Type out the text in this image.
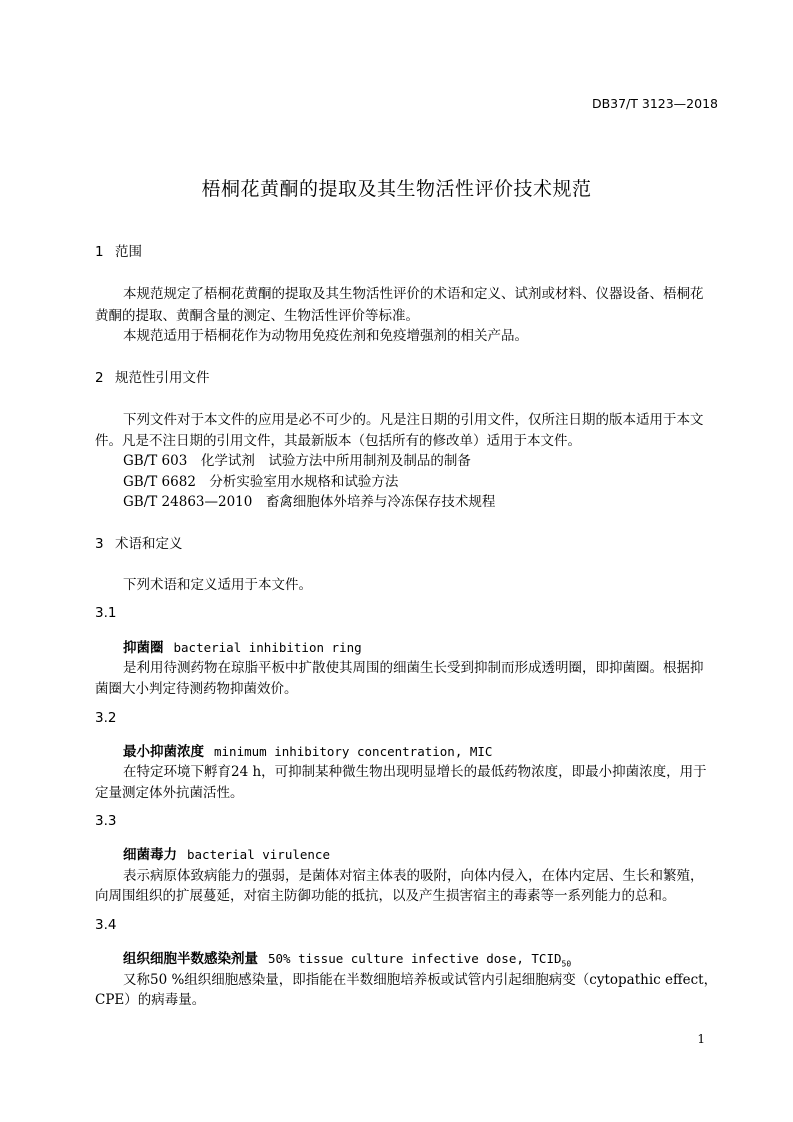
DB37/T 3123—2018

梧桐花黄酮的提取及其生物活性评价技术规范

1 范围

本规范规定了梧桐花黄酮的提取及其生物活性评价的术语和定义、试剂或材料、仪器设备、梧桐花

黄酮的提取、黄酮含量的测定、生物活性评价等标准。

本规范适用于梧桐花作为动物用免疫佐剂和免疫增强剂的相关产品。

2 规范性引用文件

下列文件对于本文件的应用是必不可少的。凡是注日期的引用文件，仅所注日期的版本适用于本文

件。凡是不注日期的引用文件，其最新版本（包括所有的修改单）适用于本文件。

GB/T 603　化学试剂　试验方法中所用制剂及制品的制备

GB/T 6682　分析实验室用水规格和试验方法

GB/T 24863—2010　畜禽细胞体外培养与冷冻保存技术规程

3 术语和定义

下列术语和定义适用于本文件。

3.1

抑菌圈 bacterial inhibition ring

是利用待测药物在琼脂平板中扩散使其周围的细菌生长受到抑制而形成透明圈，即抑菌圈。根据抑

菌圈大小判定待测药物抑菌效价。

3.2

最小抑菌浓度 minimum inhibitory concentration, MIC

在特定环境下孵育24 h，可抑制某种微生物出现明显增长的最低药物浓度，即最小抑菌浓度，用于

定量测定体外抗菌活性。

3.3

细菌毒力 bacterial virulence

表示病原体致病能力的强弱，是菌体对宿主体表的吸附，向体内侵入，在体内定居、生长和繁殖，

向周围组织的扩展蔓延，对宿主防御功能的抵抗，以及产生损害宿主的毒素等一系列能力的总和。

3.4

组织细胞半数感染剂量 50% tissue culture infective dose, $TCID_{50}$

又称50 %组织细胞感染量，即指能在半数细胞培养板或试管内引起细胞病变（cytopathic effect，

CPE）的病毒量。

1
